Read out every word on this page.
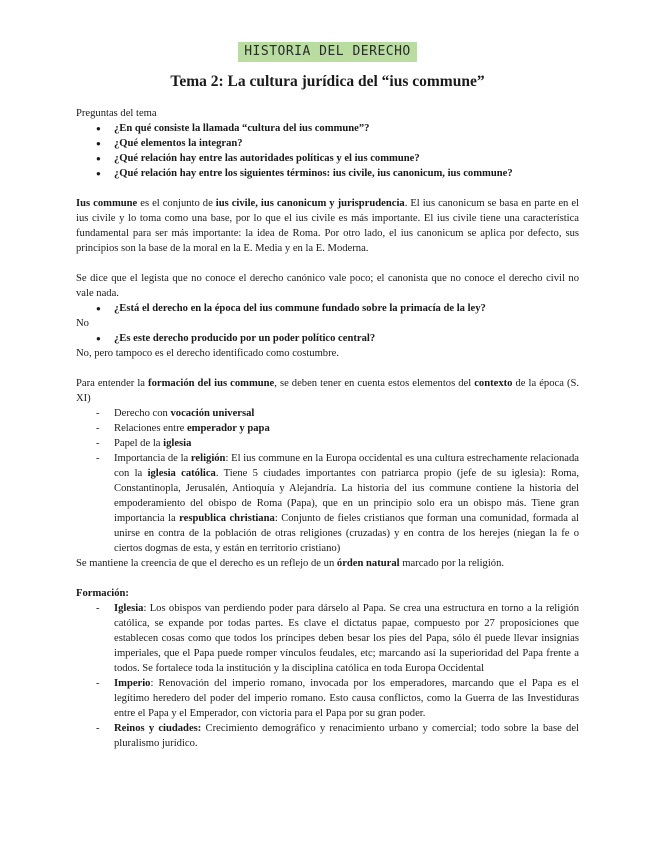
HISTORIA DEL DERECHO
Tema 2: La cultura jurídica del “ius commune”

Preguntas del tema

● ¿En qué consiste la llamada “cultura del ius commune”?
● ¿Qué elementos la integran?
● ¿Qué relación hay entre las autoridades políticas y el ius commune?
● ¿Qué relación hay entre los siguientes términos: ius civile, ius canonicum, ius commune?

Ius commune es el conjunto de ius civile, ius canonicum y jurisprudencia. El ius canonicum se basa en parte en el ius civile y lo toma como una base, por lo que el ius civile es más importante. El ius civile tiene una característica fundamental para ser más importante: la idea de Roma. Por otro lado, el ius canonicum se aplica por defecto, sus principios son la base de la moral en la E. Media y en la E. Moderna.

Se dice que el legista que no conoce el derecho canónico vale poco; el canonista que no conoce el derecho civil no vale nada.

● ¿Está el derecho en la época del ius commune fundado sobre la primacía de la ley?

No

● ¿Es este derecho producido por un poder político central?

No, pero tampoco es el derecho identificado como costumbre.

Para entender la formación del ius commune, se deben tener en cuenta estos elementos del contexto de la época (S. XI)

- Derecho con vocación universal
- Relaciones entre emperador y papa
- Papel de la iglesia
- Importancia de la religión: El ius commune en la Europa occidental es una cultura estrechamente relacionada con la iglesia católica. Tiene 5 ciudades importantes con patriarca propio (jefe de su iglesia): Roma, Constantinopla, Jerusalén, Antioquía y Alejandría. La historia del ius commune contiene la historia del empoderamiento del obispo de Roma (Papa), que en un principio solo era un obispo más. Tiene gran importancia la respublica christiana: Conjunto de fieles cristianos que forman una comunidad, formada al unirse en contra de la población de otras religiones (cruzadas) y en contra de los herejes (niegan la fe o ciertos dogmas de esta, y están en territorio cristiano)

Se mantiene la creencia de que el derecho es un reflejo de un órden natural marcado por la religión.

Formación:

- Iglesia: Los obispos van perdiendo poder para dárselo al Papa. Se crea una estructura en torno a la religión católica, se expande por todas partes. Es clave el dictatus papae, compuesto por 27 proposiciones que establecen cosas como que todos los príncipes deben besar los pies del Papa, sólo él puede llevar insignias imperiales, que el Papa puede romper vínculos feudales, etc; marcando así la superioridad del Papa frente a todos. Se fortalece toda la institución y la disciplina católica en toda Europa Occidental
- Imperio: Renovación del imperio romano, invocada por los emperadores, marcando que el Papa es el legítimo heredero del poder del imperio romano. Esto causa conflictos, como la Guerra de las Investiduras entre el Papa y el Emperador, con victoria para el Papa por su gran poder.
- Reinos y ciudades: Crecimiento demográfico y renacimiento urbano y comercial; todo sobre la base del pluralismo jurídico.
